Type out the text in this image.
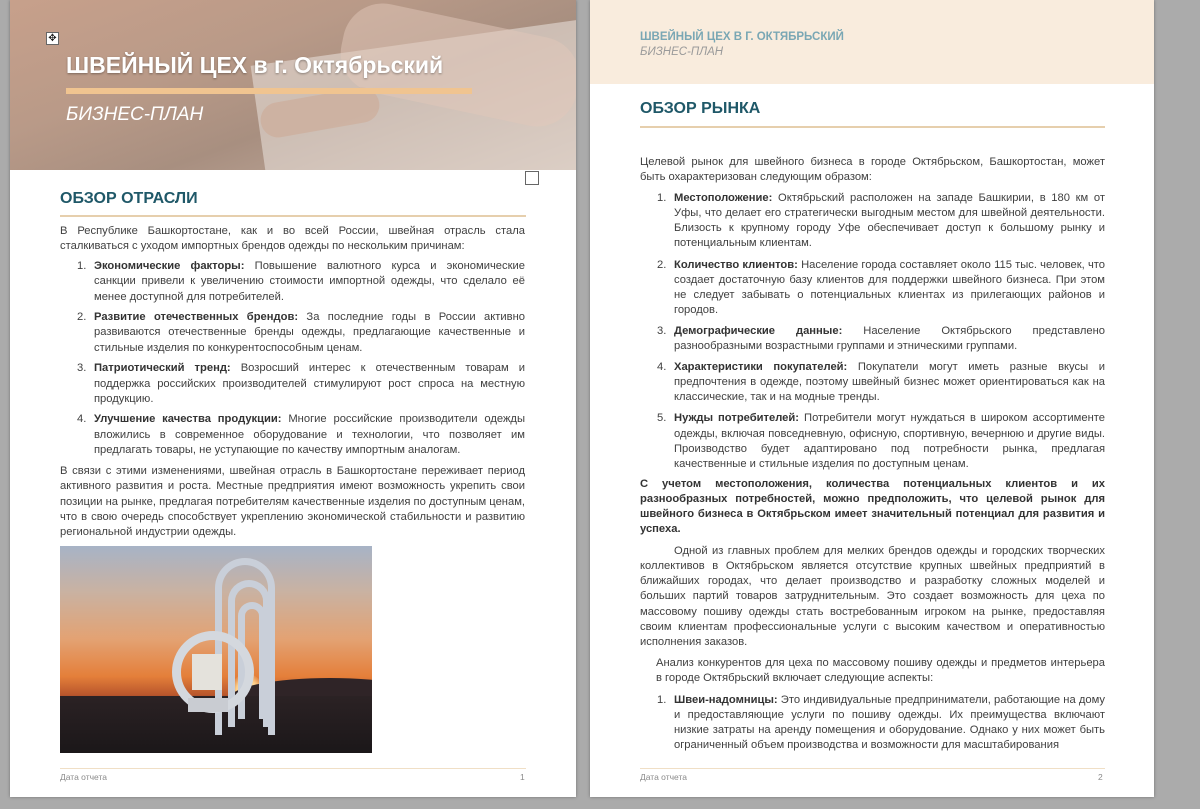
ШВЕЙНЫЙ ЦЕХ в г. Октябрьский
БИЗНЕС-ПЛАН
✥
ОБЗОР ОТРАСЛИ

В Республике Башкортостане, как и во всей России, швейная отрасль стала сталкиваться с уходом импортных брендов одежды по нескольким причинам:

1. Экономические факторы: Повышение валютного курса и экономические санкции привели к увеличению стоимости импортной одежды, что сделало её менее доступной для потребителей.
2. Развитие отечественных брендов: За последние годы в России активно развиваются отечественные бренды одежды, предлагающие качественные и стильные изделия по конкурентоспособным ценам.
3. Патриотический тренд: Возросший интерес к отечественным товарам и поддержка российских производителей стимулируют рост спроса на местную продукцию.
4. Улучшение качества продукции: Многие российские производители одежды вложились в современное оборудование и технологии, что позволяет им предлагать товары, не уступающие по качеству импортным аналогам.

В связи с этими изменениями, швейная отрасль в Башкортостане переживает период активного развития и роста. Местные предприятия имеют возможность укрепить свои позиции на рынке, предлагая потребителям качественные изделия по доступным ценам, что в свою очередь способствует укреплению экономической стабильности и развитию региональной индустрии одежды.

Дата отчета	1
ШВЕЙНЫЙ ЦЕХ В Г. ОКТЯБРЬСКИЙ
БИЗНЕС-ПЛАН
ОБЗОР РЫНКА

Целевой рынок для швейного бизнеса в городе Октябрьском, Башкортостан, может быть охарактеризован следующим образом:

1. Местоположение: Октябрьский расположен на западе Башкирии, в 180 км от Уфы, что делает его стратегически выгодным местом для швейной деятельности. Близость к крупному городу Уфе обеспечивает доступ к большому рынку и потенциальным клиентам.
2. Количество клиентов: Население города составляет около 115 тыс. человек, что создает достаточную базу клиентов для поддержки швейного бизнеса. При этом не следует забывать о потенциальных клиентах из прилегающих районов и городов.
3. Демографические данные: Население Октябрьского представлено разнообразными возрастными группами и этническими группами.
4. Характеристики покупателей: Покупатели могут иметь разные вкусы и предпочтения в одежде, поэтому швейный бизнес может ориентироваться как на классические, так и на модные тренды.
5. Нужды потребителей: Потребители могут нуждаться в широком ассортименте одежды, включая повседневную, офисную, спортивную, вечернюю и другие виды. Производство будет адаптировано под потребности рынка, предлагая качественные и стильные изделия по доступным ценам.

С учетом местоположения, количества потенциальных клиентов и их разнообразных потребностей, можно предположить, что целевой рынок для швейного бизнеса в Октябрьском имеет значительный потенциал для развития и успеха.

Одной из главных проблем для мелких брендов одежды и городских творческих коллективов в Октябрьском является отсутствие крупных швейных предприятий в ближайших городах, что делает производство и разработку сложных моделей и больших партий товаров затруднительным. Это создает возможность для цеха по массовому пошиву одежды стать востребованным игроком на рынке, предоставляя своим клиентам профессиональные услуги с высоким качеством и оперативностью исполнения заказов.

Анализ конкурентов для цеха по массовому пошиву одежды и предметов интерьера в городе Октябрьский включает следующие аспекты:

1. Швеи-надомницы: Это индивидуальные предприниматели, работающие на дому и предоставляющие услуги по пошиву одежды. Их преимущества включают низкие затраты на аренду помещения и оборудование. Однако у них может быть ограниченный объем производства и возможности для масштабирования
Дата отчета	2
